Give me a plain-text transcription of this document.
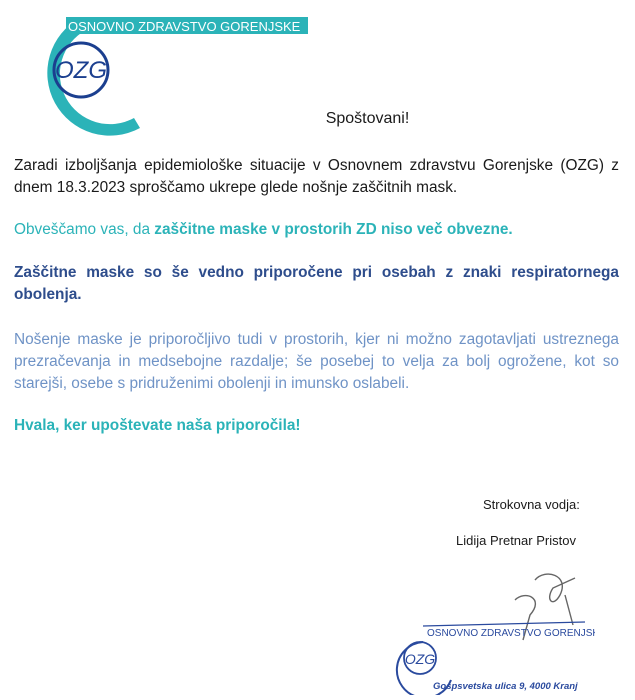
OZG
OSNOVNO ZDRAVSTVO GORENJSKE
Spoštovani!

Zaradi izboljšanja epidemiološke situacije v Osnovnem zdravstvu Gorenjske (OZG) z dnem 18.3.2023 sproščamo ukrepe glede nošnje zaščitnih mask.

Obveščamo vas, da zaščitne maske v prostorih ZD niso več obvezne.

Zaščitne maske so še vedno priporočene pri osebah z znaki respiratornega obolenja.

Nošenje maske je priporočljivo tudi v prostorih, kjer ni možno zagotavljati ustreznega prezračevanja in medsebojne razdalje; še posebej to velja za bolj ogrožene, kot so starejši, osebe s pridruženimi obolenji in imunsko oslabeli.

Hvala, ker upoštevate naša priporočila!

Strokovna vodja:
Lidija Pretnar Pristov
OZG
OSNOVNO ZDRAVSTVO GORENJSKE
Gospsvetska ulica 9, 4000 Kranj
